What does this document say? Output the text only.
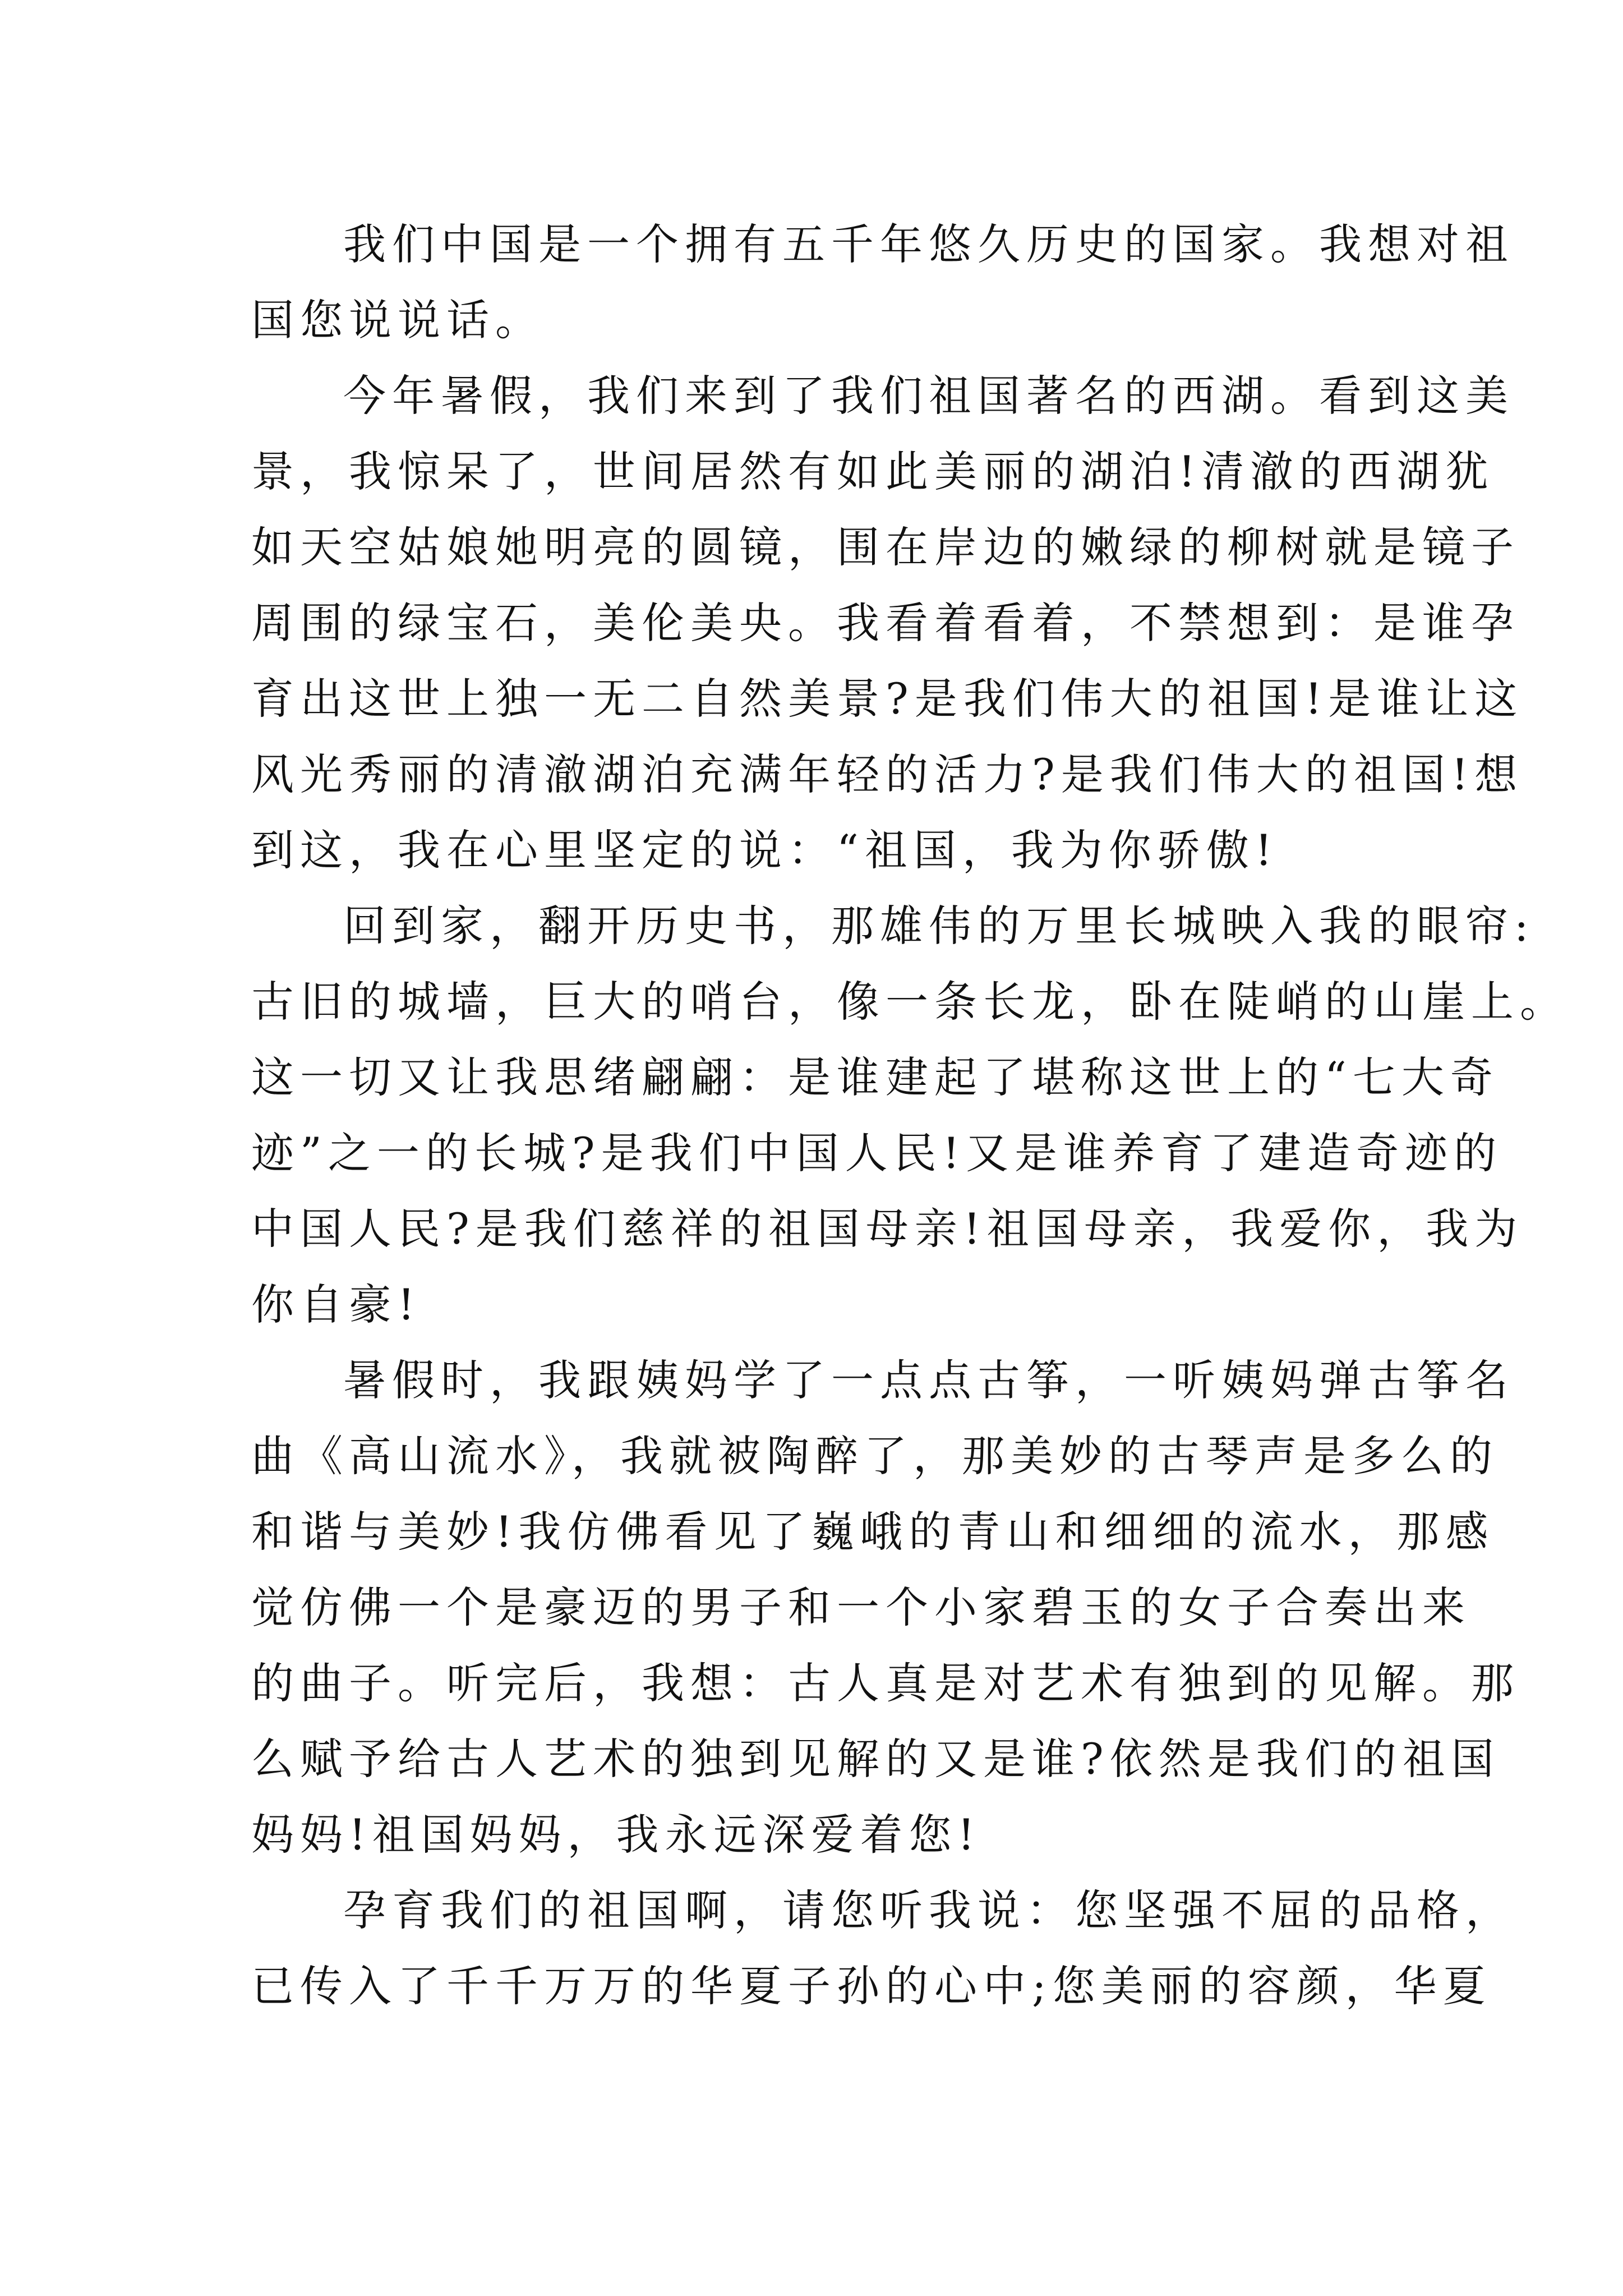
我们中国是一个拥有五千年悠久历史的国家。我想对祖
国您说说话。
今年暑假，我们来到了我们祖国著名的西湖。看到这美
景，我惊呆了，世间居然有如此美丽的湖泊!清澈的西湖犹
如天空姑娘她明亮的圆镜，围在岸边的嫩绿的柳树就是镜子
周围的绿宝石，美伦美央。我看着看着，不禁想到：是谁孕
育出这世上独一无二自然美景?是我们伟大的祖国!是谁让这
风光秀丽的清澈湖泊充满年轻的活力?是我们伟大的祖国!想
到这，我在心里坚定的说：“祖国，我为你骄傲!
回到家，翻开历史书，那雄伟的万里长城映入我的眼帘:
古旧的城墙，巨大的哨台，像一条长龙，卧在陡峭的山崖上。
这一切又让我思绪翩翩：是谁建起了堪称这世上的“七大奇
迹”之一的长城?是我们中国人民!又是谁养育了建造奇迹的
中国人民?是我们慈祥的祖国母亲!祖国母亲，我爱你，我为
你自豪!
暑假时，我跟姨妈学了一点点古筝，一听姨妈弹古筝名
曲《高山流水》，我就被陶醉了，那美妙的古琴声是多么的
和谐与美妙!我仿佛看见了巍峨的青山和细细的流水，那感
觉仿佛一个是豪迈的男子和一个小家碧玉的女子合奏出来
的曲子。听完后，我想：古人真是对艺术有独到的见解。那
么赋予给古人艺术的独到见解的又是谁?依然是我们的祖国
妈妈!祖国妈妈，我永远深爱着您!
孕育我们的祖国啊，请您听我说：您坚强不屈的品格，
已传入了千千万万的华夏子孙的心中;您美丽的容颜，华夏
